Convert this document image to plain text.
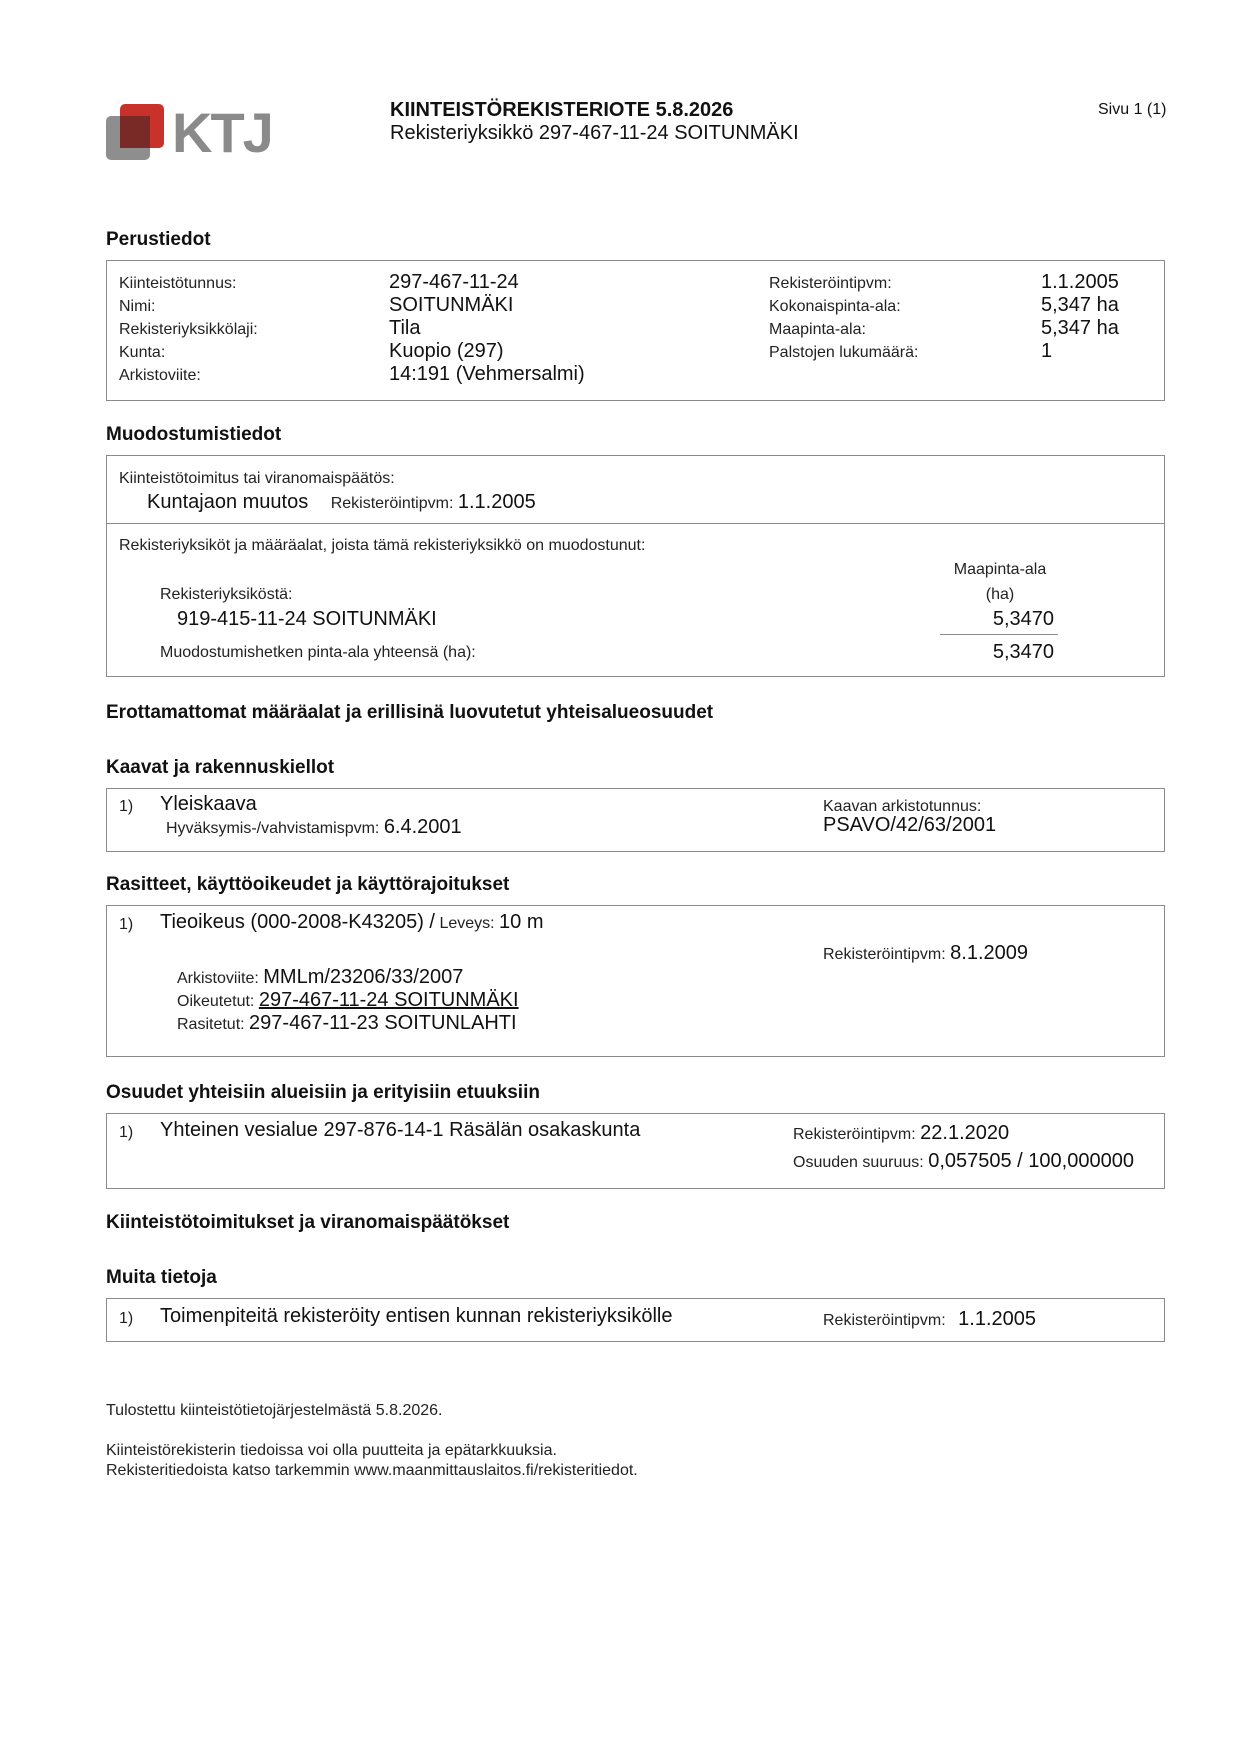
KTJ	KIINTEISTÖREKISTERIOTE 5.8.2026
Rekisteriyksikkö 297-467-11-24 SOITUNMÄKI
Sivu 1 (1)
Perustiedot
Kiinteistötunnus:	297-467-11-24
Nimi:	SOITUNMÄKI
Rekisteriyksikkölaji:	Tila
Kunta:	Kuopio (297)
Arkistoviite:	14:191 (Vehmersalmi)
Rekisteröintipvm:	1.1.2005
Kokonaispinta-ala:	5,347 ha
Maapinta-ala:	5,347 ha
Palstojen lukumäärä:	1
Muodostumistiedot
Kiinteistötoimitus tai viranomaispäätös:
Kuntajaon muutos Rekisteröintipvm: 1.1.2005
Rekisteriyksiköt ja määräalat, joista tämä rekisteriyksikkö on muodostunut:
Maapinta-ala
(ha)
Rekisteriyksiköstä:
919-415-11-24 SOITUNMÄKI	5,3470
Muodostumishetken pinta-ala yhteensä (ha):	5,3470
Erottamattomat määräalat ja erillisinä luovutetut yhteisalueosuudet
Kaavat ja rakennuskiellot
1) Yleiskaava
Hyväksymis-/vahvistamispvm: 6.4.2001
Kaavan arkistotunnus:
PSAVO/42/63/2001
Rasitteet, käyttöoikeudet ja käyttörajoitukset
1) Tieoikeus (000-2008-K43205) / Leveys: 10 m
Rekisteröintipvm: 8.1.2009
Arkistoviite: MMLm/23206/33/2007
Oikeutetut: 297-467-11-24 SOITUNMÄKI
Rasitetut: 297-467-11-23 SOITUNLAHTI
Osuudet yhteisiin alueisiin ja erityisiin etuuksiin
1) Yhteinen vesialue 297-876-14-1 Räsälän osakaskunta	Rekisteröintipvm: 22.1.2020
Osuuden suuruus: 0,057505 / 100,000000
Kiinteistötoimitukset ja viranomaispäätökset
Muita tietoja
1) Toimenpiteitä rekisteröity entisen kunnan rekisteriyksikölle	Rekisteröintipvm: 1.1.2005
Tulostettu kiinteistötietojärjestelmästä 5.8.2026.
Kiinteistörekisterin tiedoissa voi olla puutteita ja epätarkkuuksia.
Rekisteritiedoista katso tarkemmin www.maanmittauslaitos.fi/rekisteritiedot.
